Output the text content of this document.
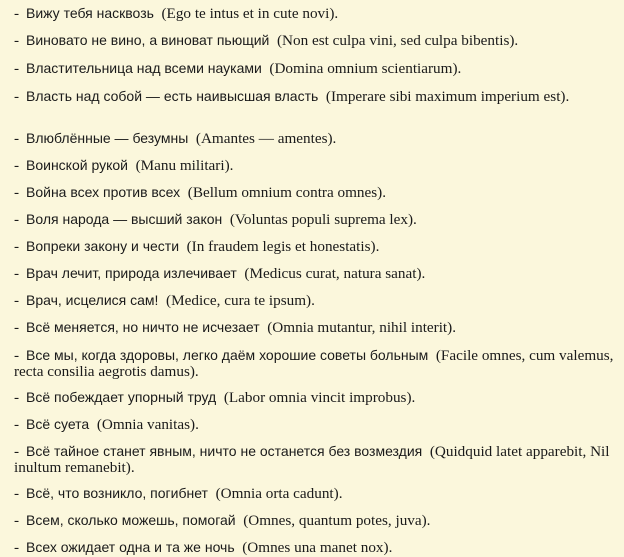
- Вижу тебя насквозь (Ego te intus et in cute novi).

- Виновато не вино, а виноват пьющий (Non est culpa vini, sed culpa bibentis).

- Властительница над всеми науками (Domina omnium scientiarum).

- Власть над собой — есть наивысшая власть (Imperare sibi maximum imperium est).

- Влюблённые — безумны (Amantes — amentes).

- Воинской рукой (Manu militari).

- Война всех против всех (Bellum omnium contra omnes).

- Воля народа — высший закон (Voluntas populi suprema lex).

- Вопреки закону и чести (In fraudem legis et honestatis).

- Врач лечит, природа излечивает (Medicus curat, natura sanat).

- Врач, исцелися сам! (Medice, cura te ipsum).

- Всё меняется, но ничто не исчезает (Omnia mutantur, nihil interit).

- Все мы, когда здоровы, легко даём хорошие советы больным (Facile omnes, cum valemus, recta consilia aegrotis damus).

- Всё побеждает упорный труд (Labor omnia vincit improbus).

- Всё суета (Omnia vanitas).

- Всё тайное станет явным, ничто не останется без возмездия (Quidquid latet apparebit, Nil inultum remanebit).

- Всё, что возникло, погибнет (Omnia orta cadunt).

- Всем, сколько можешь, помогай (Omnes, quantum potes, juva).

- Всех ожидает одна и та же ночь (Omnes una manet nox).
